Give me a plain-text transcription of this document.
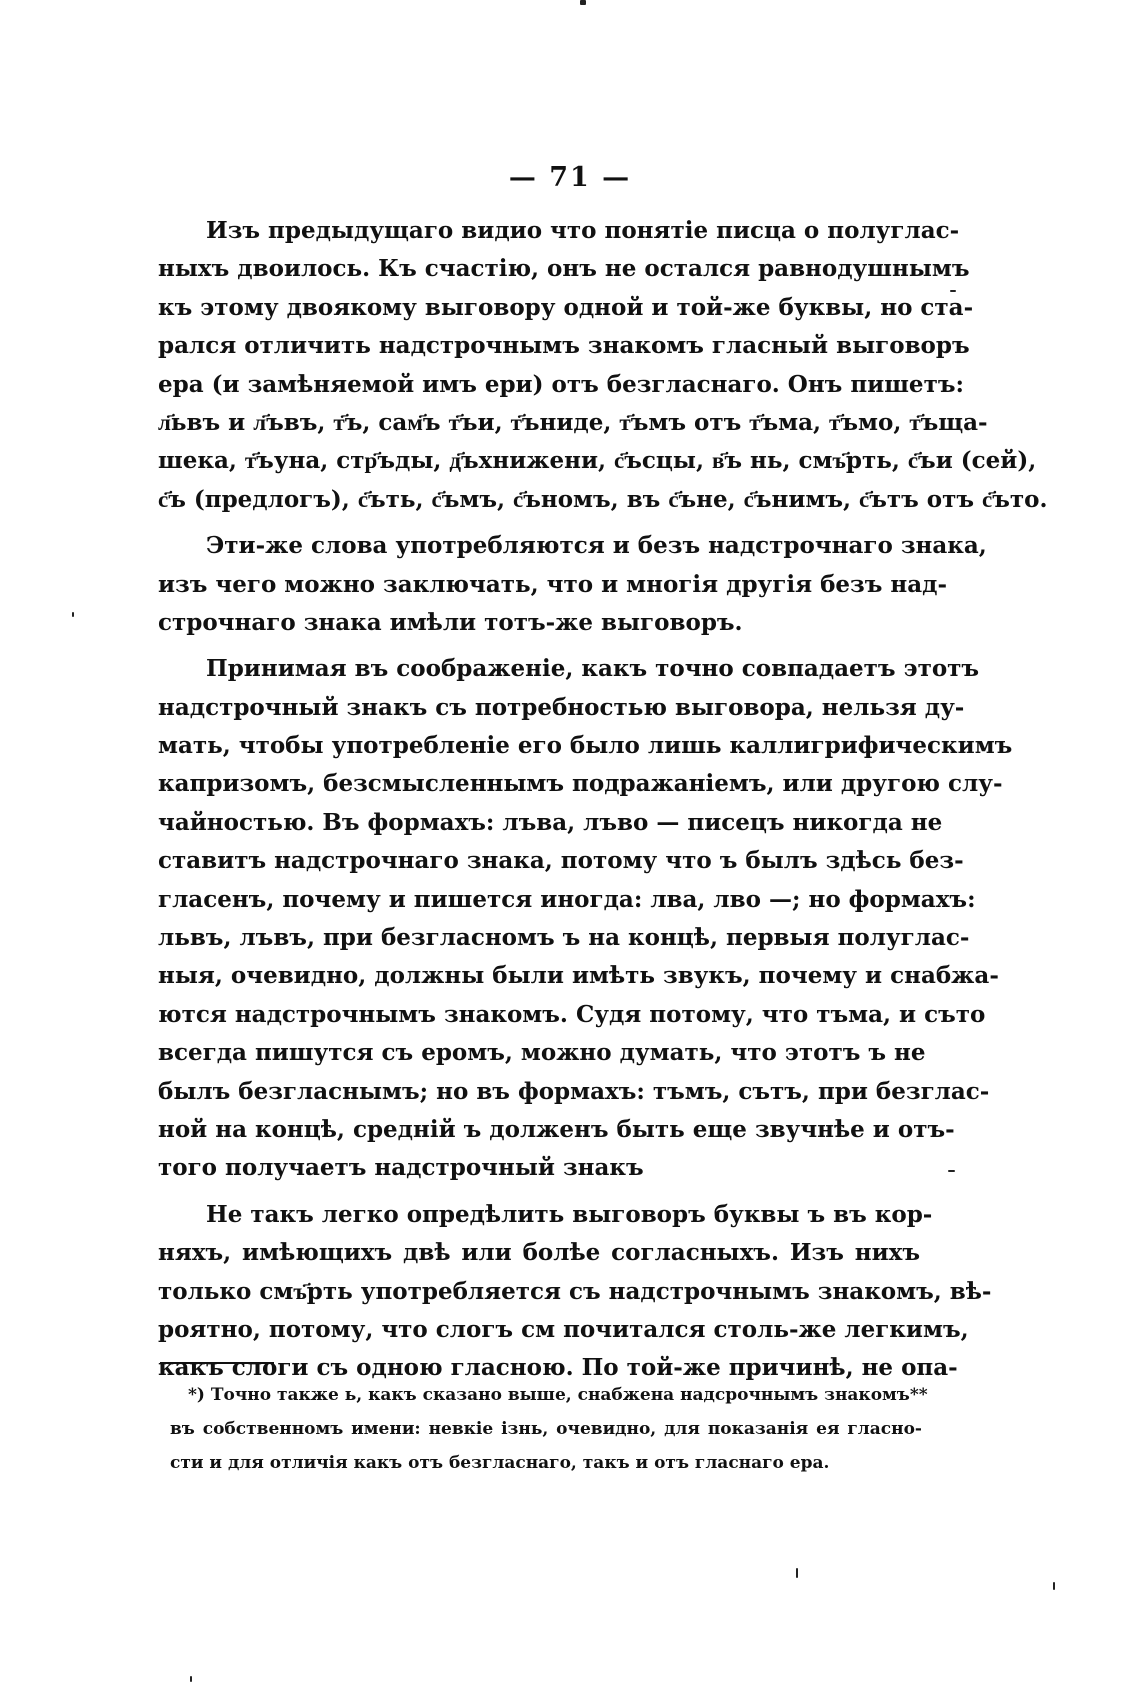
— 71 —
Изъ предыдущаго видио что понятіе писца о полуглас-
ныхъ двоилось. Къ счастію, онъ не остался равнодушнымъ
къ этому двоякому выговору одной и той-же буквы, но ста-
рался отличить надстрочнымъ знакомъ гласный выговоръ
ера (и замѣняемой имъ ери) отъ безгласнаго. Онъ пишетъ:
л҃ьвъ и л҃ъвъ, т҃ъ, сам҃ъ т҃ъи, т҃ъниде, т҃ъмъ отъ т҃ъма, т҃ъмо, т҃ъща-
шека, т҃ъуна, стр҃ъды, д҃ъхнижени, с҃ъсцы, в҃ъ нь, смъ҃рть, с҃ъи (сей),
с҃ъ (предлогъ), с҃ъть, с҃ъмъ, с҃ъномъ, въ с҃ъне, с҃ънимъ, с҃ътъ отъ с҃ъто.
Эти-же слова употребляются и безъ надстрочнаго знака,
изъ чего можно заключать, что и многія другія безъ над-
строчнаго знака имѣли тотъ-же выговоръ.
Принимая въ соображеніе, какъ точно совпадаетъ этотъ
надстрочный знакъ съ потребностью выговора, нельзя ду-
мать, чтобы употребленіе его было лишь каллигрифическимъ
капризомъ, безсмысленнымъ подражаніемъ, или другою слу-
чайностью. Въ формахъ: лъва, лъво — писецъ никогда не
ставитъ надстрочнаго знака, потому что ъ былъ здѣсь без-
гласенъ, почему и пишется иногда: лва, лво —; но формахъ:
львъ, лъвъ, при безгласномъ ъ на концѣ, первыя полуглас-
ныя, очевидно, должны были имѣть звукъ, почему и снабжа-
ются надстрочнымъ знакомъ. Судя потому, что тъма, и съто
всегда пишутся съ еромъ, можно думать, что этотъ ъ не
былъ безгласнымъ; но въ формахъ: тъмъ, сътъ, при безглас-
ной на концѣ, средній ъ долженъ быть еще звучнѣе и отъ-
того получаетъ надстрочный знакъ
Не такъ легко опредѣлить выговоръ буквы ъ въ кор-
няхъ, имѣющихъ двѣ или болѣе согласныхъ. Изъ нихъ
только смъ҃рть употребляется съ надстрочнымъ знакомъ, вѣ-
роятно, потому, что слогъ см почитался столь-же легкимъ,
какъ слоги съ одною гласною. По той-же причинѣ, не опа-
*) Точно также ь, какъ сказано выше, снабжена надсрочнымъ знакомъ**
въ собственномъ имени: невкіе ізнь, очевидно, для показанія ея гласно-
сти и для отличія какъ отъ безгласнаго, такъ и отъ гласнаго ера.
